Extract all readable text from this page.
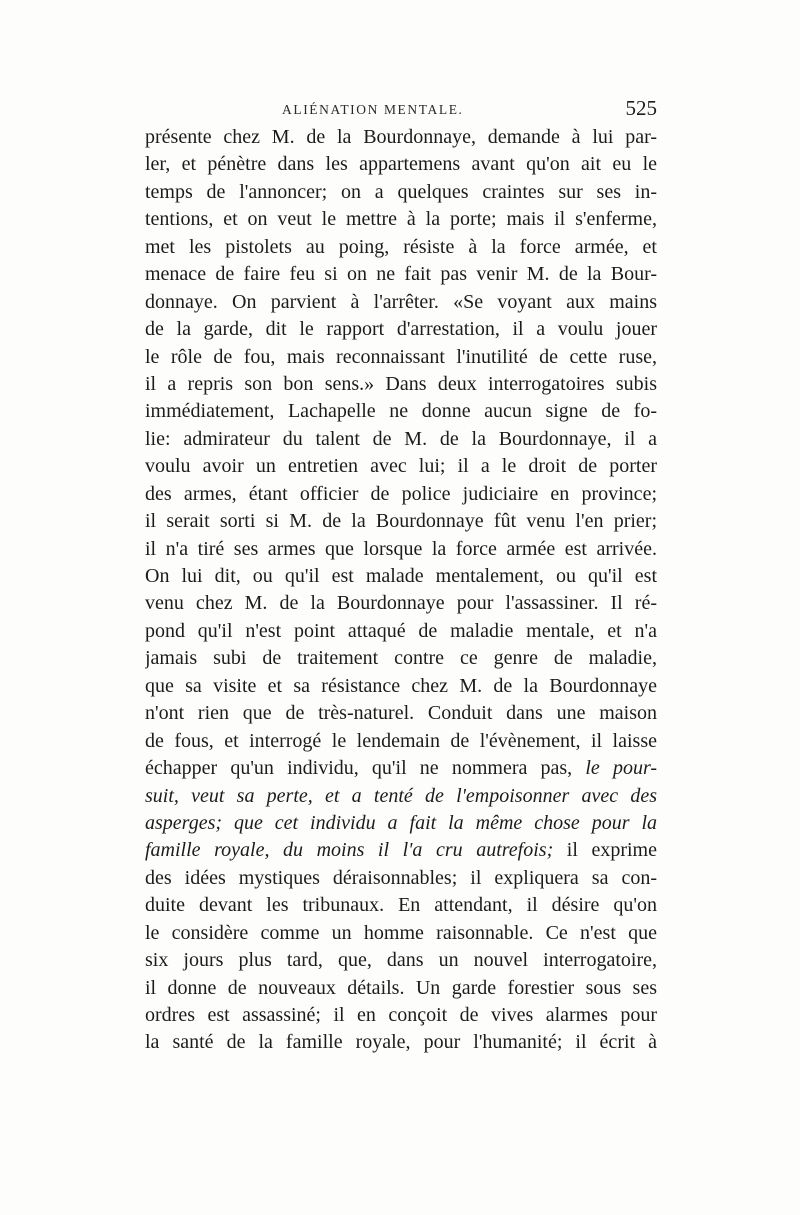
ALIÉNATION MENTALE.	525
présente chez M. de la Bourdonnaye, demande à lui par-
ler, et pénètre dans les appartemens avant qu'on ait eu le
temps de l'annoncer; on a quelques craintes sur ses in-
tentions, et on veut le mettre à la porte; mais il s'enferme,
met les pistolets au poing, résiste à la force armée, et
menace de faire feu si on ne fait pas venir M. de la Bour-
donnaye. On parvient à l'arrêter. «Se voyant aux mains
de la garde, dit le rapport d'arrestation, il a voulu jouer
le rôle de fou, mais reconnaissant l'inutilité de cette ruse,
il a repris son bon sens.» Dans deux interrogatoires subis
immédiatement, Lachapelle ne donne aucun signe de fo-
lie: admirateur du talent de M. de la Bourdonnaye, il a
voulu avoir un entretien avec lui; il a le droit de porter
des armes, étant officier de police judiciaire en province;
il serait sorti si M. de la Bourdonnaye fût venu l'en prier;
il n'a tiré ses armes que lorsque la force armée est arrivée.
On lui dit, ou qu'il est malade mentalement, ou qu'il est
venu chez M. de la Bourdonnaye pour l'assassiner. Il ré-
pond qu'il n'est point attaqué de maladie mentale, et n'a
jamais subi de traitement contre ce genre de maladie,
que sa visite et sa résistance chez M. de la Bourdonnaye
n'ont rien que de très-naturel. Conduit dans une maison
de fous, et interrogé le lendemain de l'évènement, il laisse
échapper qu'un individu, qu'il ne nommera pas, le pour-
suit, veut sa perte, et a tenté de l'empoisonner avec des
asperges; que cet individu a fait la même chose pour la
famille royale, du moins il l'a cru autrefois; il exprime
des idées mystiques déraisonnables; il expliquera sa con-
duite devant les tribunaux. En attendant, il désire qu'on
le considère comme un homme raisonnable. Ce n'est que
six jours plus tard, que, dans un nouvel interrogatoire,
il donne de nouveaux détails. Un garde forestier sous ses
ordres est assassiné; il en conçoit de vives alarmes pour
la santé de la famille royale, pour l'humanité; il écrit à
